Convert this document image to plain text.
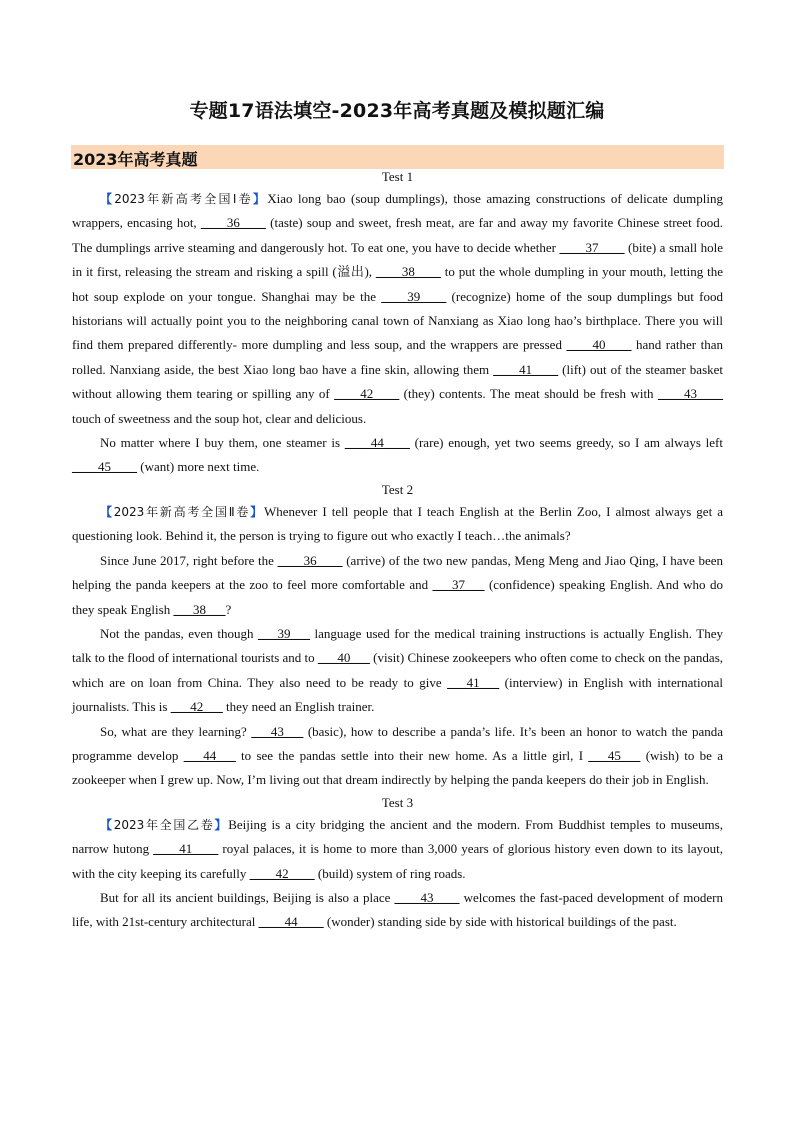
专题17语法填空-2023年高考真题及模拟题汇编
2023年高考真题
Test 1

【2023年新高考全国Ⅰ卷】Xiao long bao (soup dumplings), those amazing constructions of delicate dumpling wrappers, encasing hot, ____36____ (taste) soup and sweet, fresh meat, are far and away my favorite Chinese street food. The dumplings arrive steaming and dangerously hot. To eat one, you have to decide whether ____37____ (bite) a small hole in it first, releasing the stream and risking a spill (溢出), ____38____ to put the whole dumpling in your mouth, letting the hot soup explode on your tongue. Shanghai may be the ____39____ (recognize) home of the soup dumplings but food historians will actually point you to the neighboring canal town of Nanxiang as Xiao long hao’s birthplace. There you will find them prepared differently- more dumpling and less soup, and the wrappers are pressed ____40____ hand rather than rolled. Nanxiang aside, the best Xiao long bao have a fine skin, allowing them ____41____ (lift) out of the steamer basket without allowing them tearing or spilling any of ____42____ (they) contents. The meat should be fresh with ____43____ touch of sweetness and the soup hot, clear and delicious.

No matter where I buy them, one steamer is ____44____ (rare) enough, yet two seems greedy, so I am always left ____45____ (want) more next time.

Test 2

【2023年新高考全国Ⅱ卷】Whenever I tell people that I teach English at the Berlin Zoo, I almost always get a questioning look. Behind it, the person is trying to figure out who exactly I teach…the animals?

Since June 2017, right before the ____36____ (arrive) of the two new pandas, Meng Meng and Jiao Qing, I have been helping the panda keepers at the zoo to feel more comfortable and ___37___ (confidence) speaking English. And who do they speak English ___38___?

Not the pandas, even though ___39___ language used for the medical training instructions is actually English. They talk to the flood of international tourists and to ___40___ (visit) Chinese zookeepers who often come to check on the pandas, which are on loan from China. They also need to be ready to give ___41___ (interview) in English with international journalists. This is ___42___ they need an English trainer.

So, what are they learning? ___43___ (basic), how to describe a panda’s life. It’s been an honor to watch the panda programme develop ___44___ to see the pandas settle into their new home. As a little girl, I ___45___ (wish) to be a zookeeper when I grew up. Now, I’m living out that dream indirectly by helping the panda keepers do their job in English.

Test 3

【2023年全国乙卷】Beijing is a city bridging the ancient and the modern. From Buddhist temples to museums, narrow hutong ____41____ royal palaces, it is home to more than 3,000 years of glorious history even down to its layout, with the city keeping its carefully ____42____ (build) system of ring roads.

But for all its ancient buildings, Beijing is also a place ____43____ welcomes the fast-paced development of modern life, with 21st-century architectural ____44____ (wonder) standing side by side with historical buildings of the past.
